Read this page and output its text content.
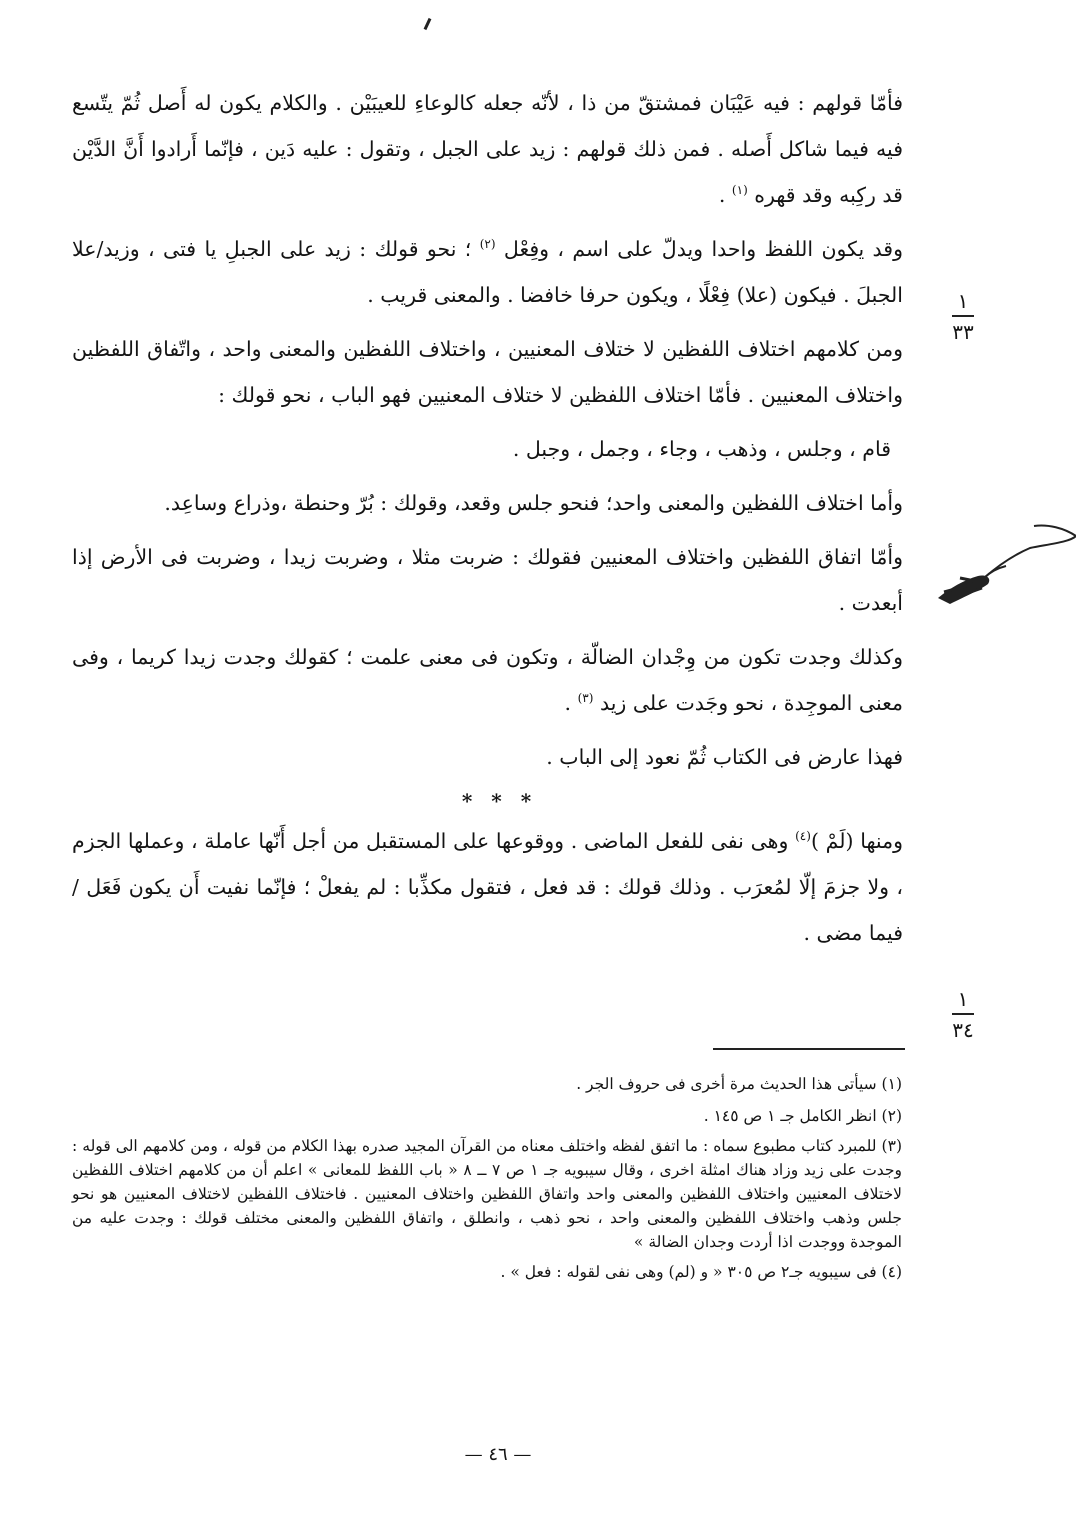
فأمّا قولهم : فيه عَيْبَان فمشتقّ من ذا ، لأنّه جعله كالوعاءِ للعيبَيْن . والكلام يكون له أَصل ثُمّ يتّسع فيه فيما شاكل أَصله . فمن ذلك قولهم : زيد على الجبل ، وتقول : عليه دَين ، فإنّما أَرادوا أَنَّ الدَّيْن قد ركِبه وقد قهره $^{(١)}$ .

وقد يكون اللفظ واحدا ويدلّ على اسم ، وفِعْل $^{(٢)}$ ؛ نحو قولك : زيد على الجبلِ يا فتى ، وزيد/علا الجبلَ . فيكون (علا) فِعْلًا ، ويكون حرفا خافضا . والمعنى قريب .

ومن كلامهم اختلاف اللفظين لا ختلاف المعنيين ، واختلاف اللفظين والمعنى واحد ، واتّفاق اللفظين واختلاف المعنيين . فأمّا اختلاف اللفظين لا ختلاف المعنيين فهو الباب ، نحو قولك :

قام ، وجلس ، وذهب ، وجاء ، وجمل ، وجبل .

وأما اختلاف اللفظين والمعنى واحد؛ فنحو جلس وقعد، وقولك : بُرّ وحنطة ،وذراع وساعِد.

وأمّا اتفاق اللفظين واختلاف المعنيين فقولك : ضربت مثلا ، وضربت زيدا ، وضربت فى الأرض إذا أبعدت .

وكذلك وجدت تكون من وِجْدان الضالّة ، وتكون فى معنى علمت ؛ كقولك وجدت زيدا كريما ، وفى معنى الموجِدة ، نحو وجَدت على زيد $^{(٣)}$ .

فهذا عارض فى الكتاب ثُمّ نعود إلى الباب .

* * *

ومنها (لَمْ )$^{(٤)}$ وهى نفى للفعل الماضى . ووقوعها على المستقبل من أجل أَنّها عاملة ، وعملها الجزم ، ولا جزمَ إلّا لمُعرَب . وذلك قولك : قد فعل ، فتقول مكذِّبا : لم يفعلْ ؛ فإنّما نفيت أَن يكون فَعَل / فيما مضى .

١
٣٣
١
٣٤

(١) سيأتى هذا الحديث مرة أخرى فى حروف الجر .

(٢) انظر الكامل جـ ١ ص ١٤٥ .

(٣) للمبرد كتاب مطبوع سماه : ما اتفق لفظه واختلف معناه من القرآن المجيد صدره بهذا الكلام من قوله ، ومن كلامهم الى قوله : وجدت على زيد وزاد هناك امثلة اخرى ، وقال سيبويه جـ ١ ص ٧ ــ ٨ « باب اللفظ للمعانى » اعلم أن من كلامهم اختلاف اللفظين لاختلاف المعنيين واختلاف اللفظين والمعنى واحد واتفاق اللفظين واختلاف المعنيين . فاختلاف اللفظين لاختلاف المعنيين هو نحو جلس وذهب واختلاف اللفظين والمعنى واحد ، نحو ذهب ، وانطلق ، واتفاق اللفظين والمعنى مختلف قولك : وجدت عليه من الموجدة ووجدت اذا أردت وجدان الضالة »

(٤) فى سيبويه جـ٢ ص ٣٠٥ « و (لم) وهى نفى لقوله : فعل » .

— ٤٦ —
